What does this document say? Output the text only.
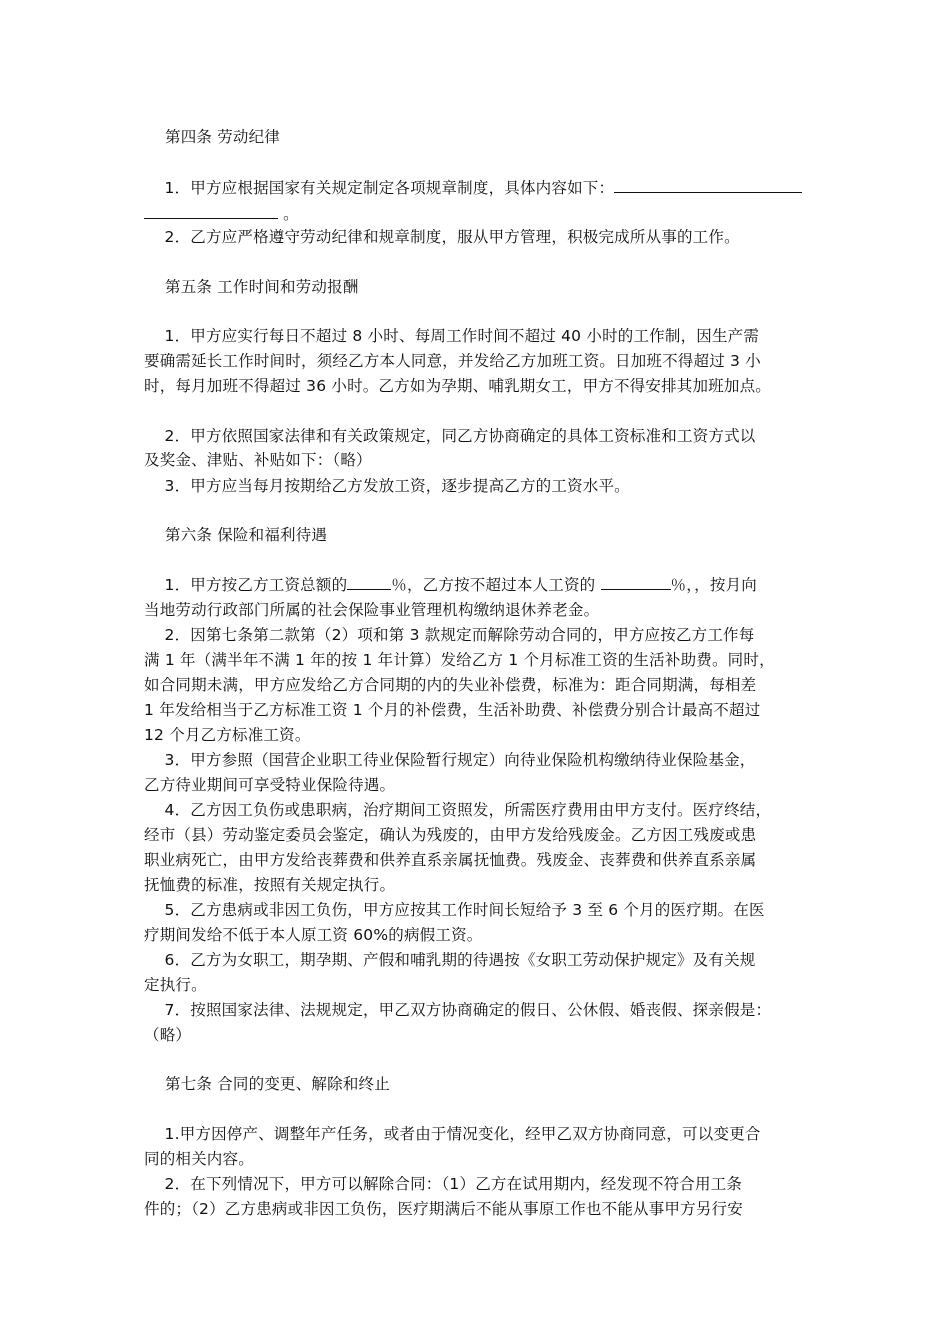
第四条 劳动纪律
1．甲方应根据国家有关规定制定各项规章制度，具体内容如下：
。
2．乙方应严格遵守劳动纪律和规章制度，服从甲方管理，积极完成所从事的工作。
第五条 工作时间和劳动报酬
1．甲方应实行每日不超过 8 小时、每周工作时间不超过 40 小时的工作制，因生产需
要确需延长工作时间时，须经乙方本人同意，并发给乙方加班工资。日加班不得超过 3 小
时，每月加班不得超过 36 小时。乙方如为孕期、哺乳期女工，甲方不得安排其加班加点。
2．甲方依照国家法律和有关政策规定，同乙方协商确定的具体工资标准和工资方式以
及奖金、津贴、补贴如下：（略）
3．甲方应当每月按期给乙方发放工资，逐步提高乙方的工资水平。
第六条 保险和福利待遇
1．甲方按乙方工资总额的	％，乙方按不超过本人工资的	％，，按月向
当地劳动行政部门所属的社会保险事业管理机构缴纳退休养老金。
2．因第七条第二款第（2）项和第 3 款规定而解除劳动合同的，甲方应按乙方工作每
满 1 年（满半年不满 1 年的按 1 年计算）发给乙方 1 个月标准工资的生活补助费。同时，
如合同期未满，甲方应发给乙方合同期的内的失业补偿费，标准为：距合同期满，每相差
1 年发给相当于乙方标准工资 1 个月的补偿费，生活补助费、补偿费分别合计最高不超过
12 个月乙方标准工资。
3．甲方参照（国营企业职工待业保险暂行规定）向待业保险机构缴纳待业保险基金，
乙方待业期间可享受特业保险待遇。
4．乙方因工负伤或患职病，治疗期间工资照发，所需医疗费用由甲方支付。医疗终结，
经市（县）劳动鉴定委员会鉴定，确认为残废的，由甲方发给残废金。乙方因工残废或患
职业病死亡，由甲方发给丧葬费和供养直系亲属抚恤费。残废金、丧葬费和供养直系亲属
抚恤费的标准，按照有关规定执行。
5．乙方患病或非因工负伤，甲方应按其工作时间长短给予 3 至 6 个月的医疗期。在医
疗期间发给不低于本人原工资 60%的病假工资。
6．乙方为女职工，期孕期、产假和哺乳期的待遇按《女职工劳动保护规定》及有关规
定执行。
7．按照国家法律、法规规定，甲乙双方协商确定的假日、公休假、婚丧假、探亲假是：
（略）
第七条 合同的变更、解除和终止
1.甲方因停产、调整年产任务，或者由于情况变化，经甲乙双方协商同意，可以变更合
同的相关内容。
2．在下列情况下，甲方可以解除合同：（1）乙方在试用期内，经发现不符合用工条
件的；（2）乙方患病或非因工负伤，医疗期满后不能从事原工作也不能从事甲方另行安
